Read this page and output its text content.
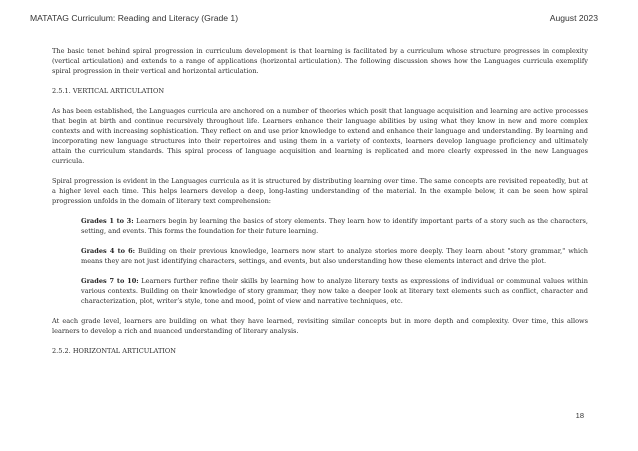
MATATAG Curriculum: Reading and Literacy (Grade 1)	August 2023

The basic tenet behind spiral progression in curriculum development is that learning is facilitated by a curriculum whose structure progresses in complexity (vertical articulation) and extends to a range of applications (horizontal articulation). The following discussion shows how the Languages curricula exemplify spiral progression in their vertical and horizontal articulation.

2.5.1. VERTICAL ARTICULATION

As has been established, the Languages curricula are anchored on a number of theories which posit that language acquisition and learning are active processes that begin at birth and continue recursively throughout life. Learners enhance their language abilities by using what they know in new and more complex contexts and with increasing sophistication. They reflect on and use prior knowledge to extend and enhance their language and understanding. By learning and incorporating new language structures into their repertoires and using them in a variety of contexts, learners develop language proficiency and ultimately attain the curriculum standards. This spiral process of language acquisition and learning is replicated and more clearly expressed in the new Languages curricula.

Spiral progression is evident in the Languages curricula as it is structured by distributing learning over time. The same concepts are revisited repeatedly, but at a higher level each time. This helps learners develop a deep, long-lasting understanding of the material. In the example below, it can be seen how spiral progression unfolds in the domain of literary text comprehension:

Grades 1 to 3: Learners begin by learning the basics of story elements. They learn how to identify important parts of a story such as the characters, setting, and events. This forms the foundation for their future learning.

Grades 4 to 6: Building on their previous knowledge, learners now start to analyze stories more deeply. They learn about "story grammar," which means they are not just identifying characters, settings, and events, but also understanding how these elements interact and drive the plot.

Grades 7 to 10: Learners further refine their skills by learning how to analyze literary texts as expressions of individual or communal values within various contexts. Building on their knowledge of story grammar, they now take a deeper look at literary text elements such as conflict, character and characterization, plot, writer’s style, tone and mood, point of view and narrative techniques, etc.

At each grade level, learners are building on what they have learned, revisiting similar concepts but in more depth and complexity. Over time, this allows learners to develop a rich and nuanced understanding of literary analysis.

2.5.2. HORIZONTAL ARTICULATION

18
